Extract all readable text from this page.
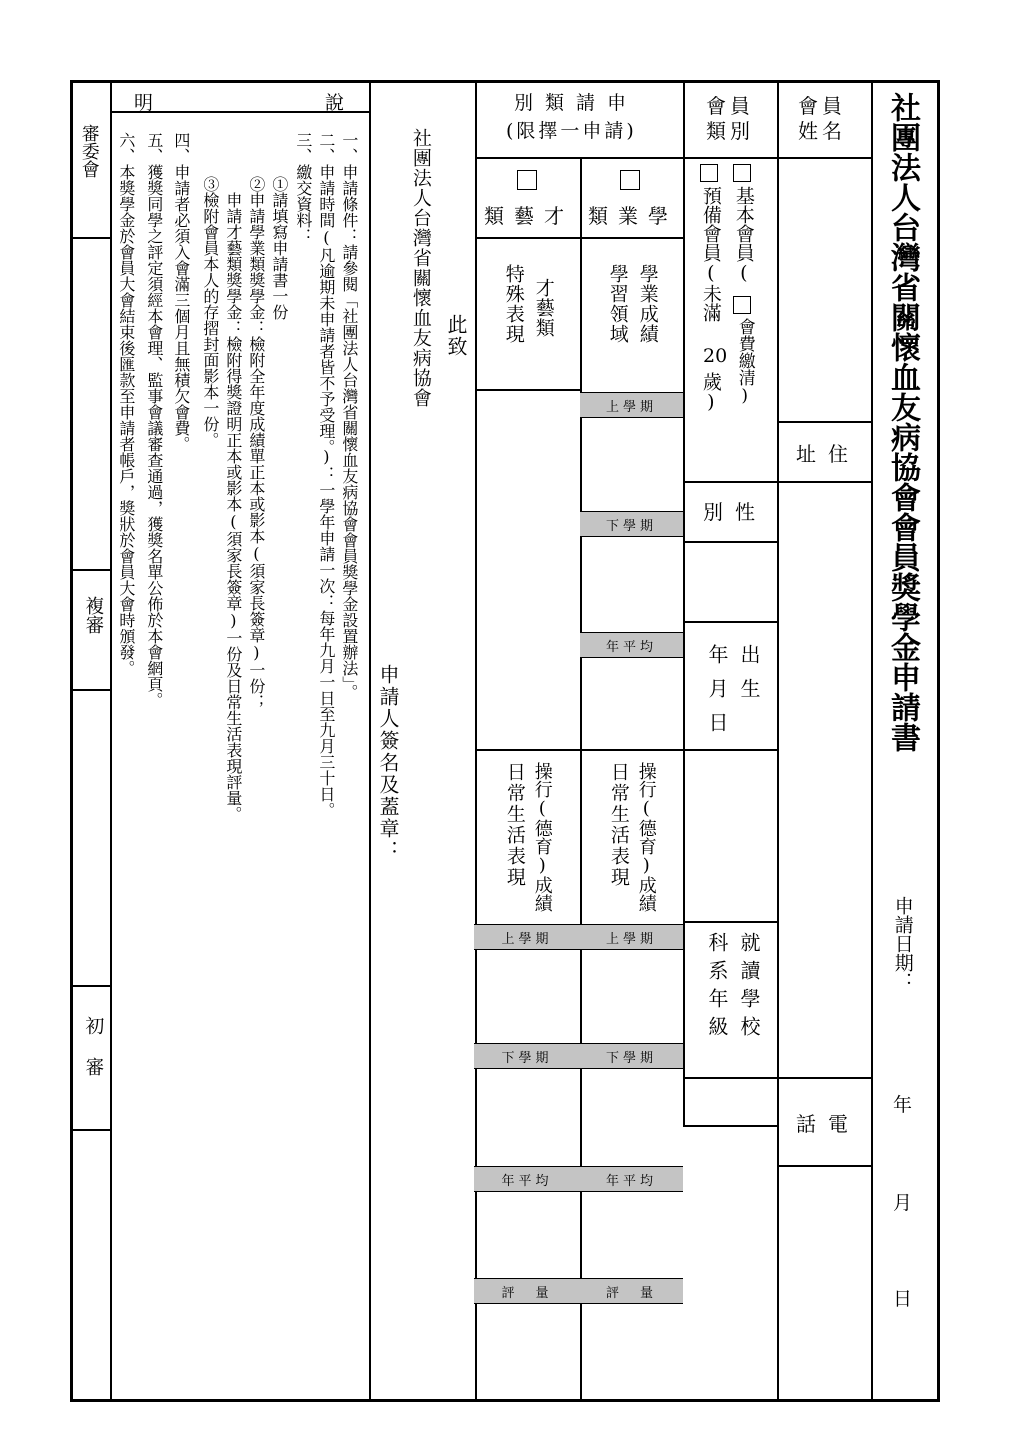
社團法人台灣省關懷血友病協會會員獎學金申請書
申請日期：
年
月
日
上學期
下學期
年平均
上學期
下學期
年平均
評　量
上學期
下學期
年平均
評　量
會員姓名
會員類別
基本會員(
會費繳清)
預備會員(未滿
20
歲)
住址
性別
出生
年月日
就讀學校
科系年級
電話
申請類別
(限擇一申請)
學業類
才藝類
學業成績
學習領域
才藝類
特殊表現
操行(德育)成績
日常生活表現
操行(德育)成績
日常生活表現
此致
社團法人台灣省關懷血友病協會
申請人簽名及蓋章：
明	說
一、申請條件：請參閱「社團法人台灣省關懷血友病協會會員獎學金設置辦法」。
二、申請時間(凡逾期未申請者皆不予受理。)：一學年申請一次：每年九月一日至九月三十日。
三、繳交資料：
①請填寫申請書一份
②申請學業類獎學金：檢附全年度成績單正本或影本(須家長簽章)一份；
申請才藝類獎學金：檢附得獎證明正本或影本(須家長簽章)一份及日常生活表現評量。
③檢附會員本人的存摺封面影本一份。
四、申請者必須入會滿三個月且無積欠會費。
五、獲獎同學之評定須經本會理、監事會議審查通過，獲獎名單公佈於本會網頁。
六、本獎學金於會員大會結束後匯款至申請者帳戶，獎狀於會員大會時頒發。
審委會
複審
初審
